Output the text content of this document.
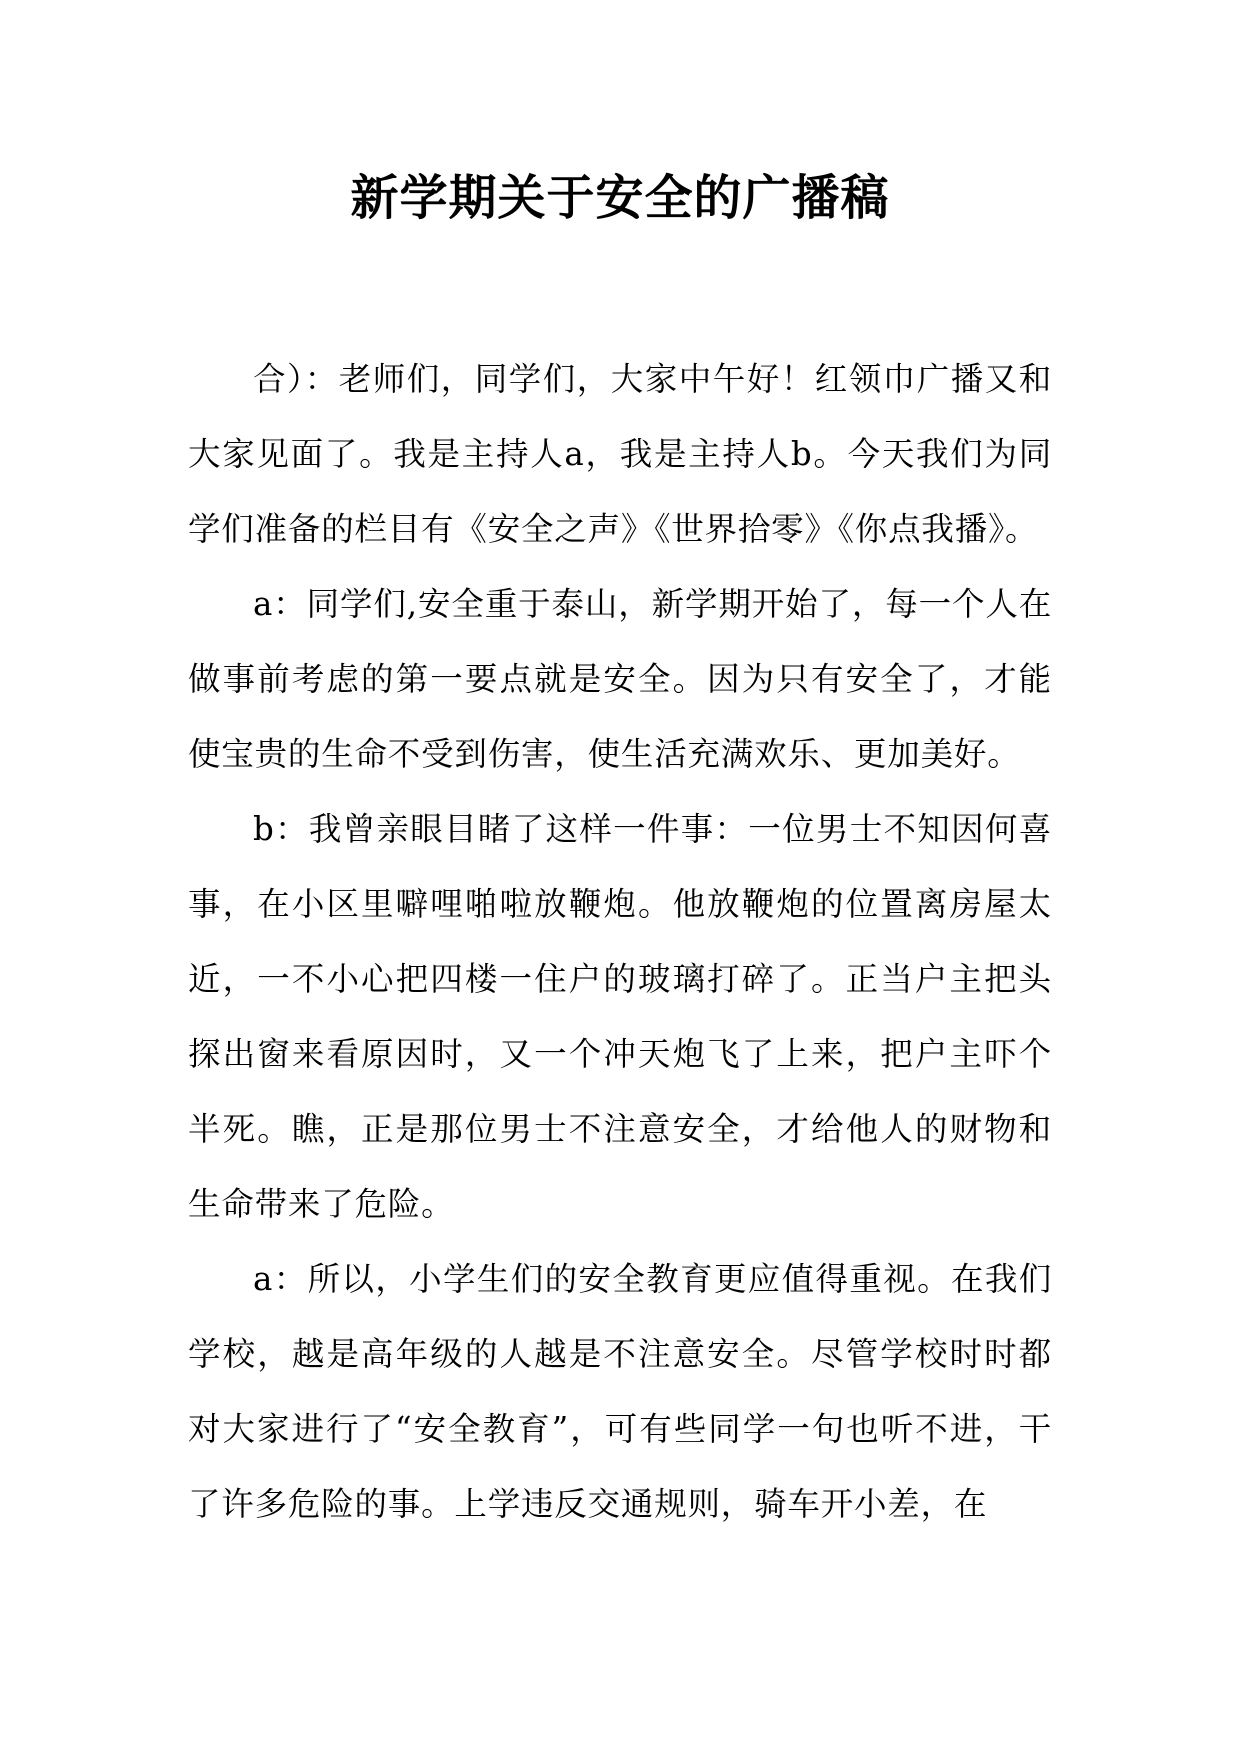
新学期关于安全的广播稿

合）：老师们，同学们，大家中午好！红领巾广播又和大家见面了。我是主持人a，我是主持人b。今天我们为同学们准备的栏目有《安全之声》《世界拾零》《你点我播》。

a：同学们,安全重于泰山，新学期开始了，每一个人在做事前考虑的第一要点就是安全。因为只有安全了，才能使宝贵的生命不受到伤害，使生活充满欢乐、更加美好。

b：我曾亲眼目睹了这样一件事：一位男士不知因何喜事，在小区里噼哩啪啦放鞭炮。他放鞭炮的位置离房屋太近，一不小心把四楼一住户的玻璃打碎了。正当户主把头探出窗来看原因时，又一个冲天炮飞了上来，把户主吓个半死。瞧，正是那位男士不注意安全，才给他人的财物和生命带来了危险。

a：所以，小学生们的安全教育更应值得重视。在我们学校，越是高年级的人越是不注意安全。尽管学校时时都对大家进行了“安全教育”，可有些同学一句也听不进，干了许多危险的事。上学违反交通规则，骑车开小差，在
